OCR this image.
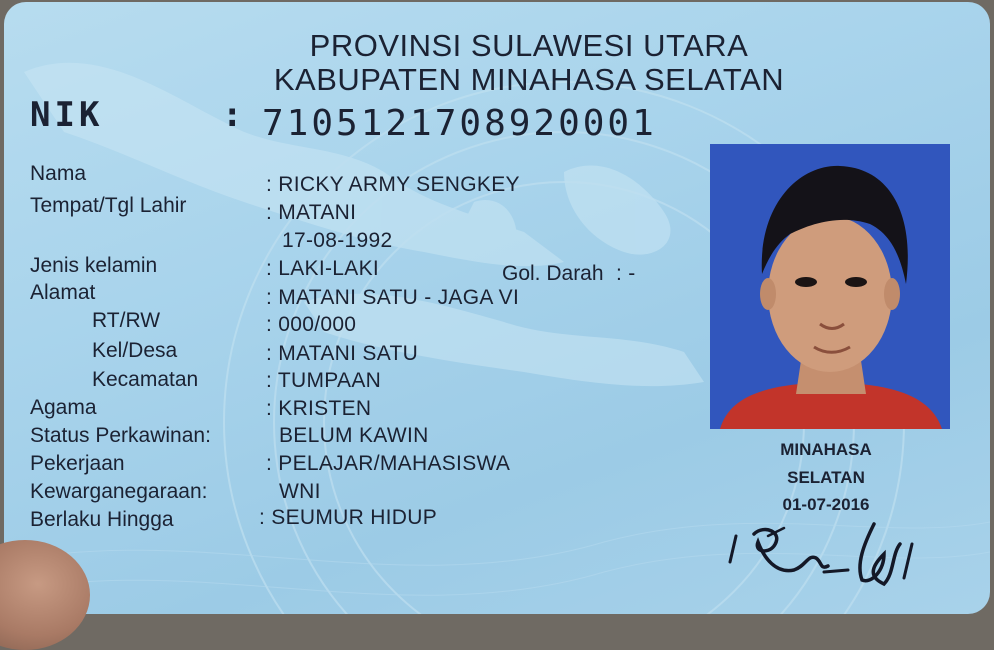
PROVINSI SULAWESI UTARA
KABUPATEN MINAHASA SELATAN
NIK	: 7105121708920001
Nama	: RICKY ARMY SENGKEY
Tempat/Tgl Lahir	: MATANI
17-08-1992
Jenis kelamin	: LAKI-LAKI	Gol. Darah : -
Alamat	: MATANI SATU - JAGA VI
RT/RW	: 000/000
Kel/Desa	: MATANI SATU
Kecamatan	: TUMPAAN
Agama	: KRISTEN
Status Perkawinan:	BELUM KAWIN
Pekerjaan	: PELAJAR/MAHASISWA
Kewarganegaraan:	WNI
Berlaku Hingga	: SEUMUR HIDUP
MINAHASA
SELATAN
01-07-2016
